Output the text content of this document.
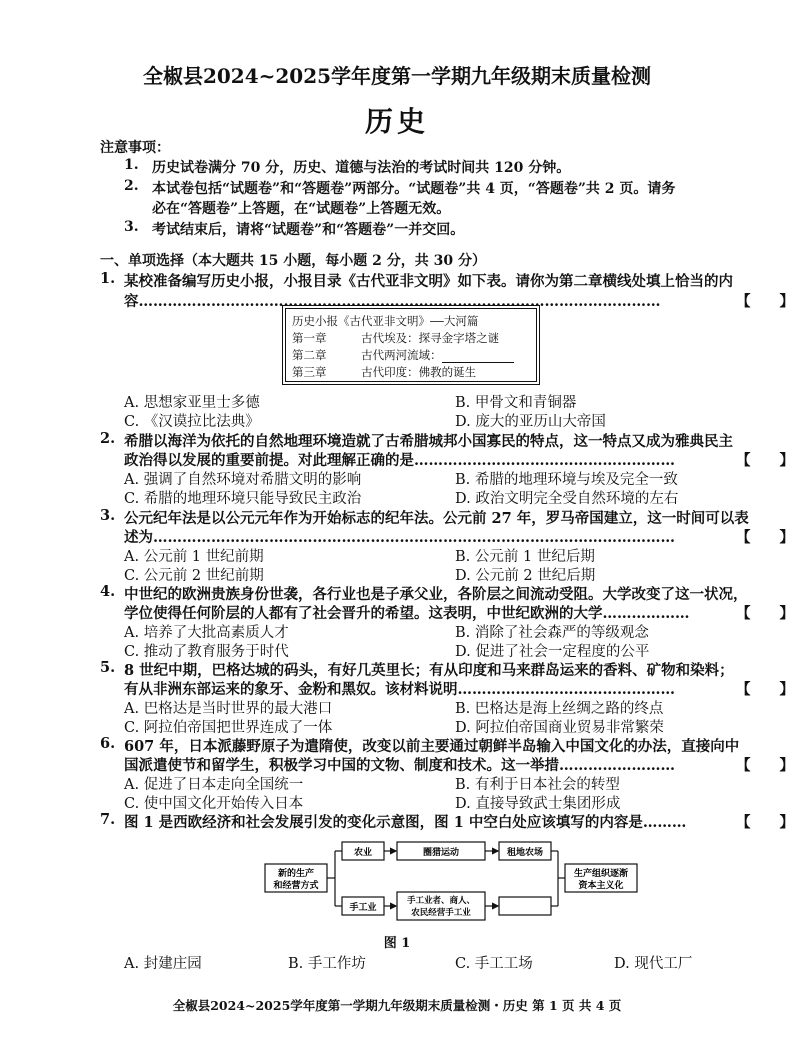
全椒县2024~2025学年度第一学期九年级期末质量检测
历史
注意事项：
1. 历史试卷满分 70 分，历史、道德与法治的考试时间共 120 分钟。
2. 本试卷包括“试题卷”和“答题卷”两部分。“试题卷”共 4 页，“答题卷”共 2 页。请务
必在“答题卷”上答题，在“试题卷”上答题无效。
3. 考试结束后，请将“试题卷”和“答题卷”一并交回。
一、单项选择（本大题共 15 小题，每小题 2 分，共 30 分）
1. 某校准备编写历史小报，小报目录《古代亚非文明》如下表。请你为第二章横线处填上恰当的内
容………………………………………………………………………………………………	【　　】
历史小报《古代亚非文明》——大河篇
第一章	古代埃及：探寻金字塔之谜
第二章	古代两河流域：
第三章	古代印度：佛教的诞生
A. 思想家亚里士多德	B. 甲骨文和青铜器
C. 《汉谟拉比法典》	D. 庞大的亚历山大帝国
2. 希腊以海洋为依托的自然地理环境造就了古希腊城邦小国寡民的特点，这一特点又成为雅典民主
政治得以发展的重要前提。对此理解正确的是………………………………………………	【　　】
A. 强调了自然环境对希腊文明的影响	B. 希腊的地理环境与埃及完全一致
C. 希腊的地理环境只能导致民主政治	D. 政治文明完全受自然环境的左右
3. 公元纪年法是以公元元年作为开始标志的纪年法。公元前 27 年，罗马帝国建立，这一时间可以表
述为………………………………………………………………………………………………	【　　】
A. 公元前 1 世纪前期	B. 公元前 1 世纪后期
C. 公元前 2 世纪前期	D. 公元前 2 世纪后期
4. 中世纪的欧洲贵族身份世袭，各行业也是子承父业，各阶层之间流动受阻。大学改变了这一状况，
学位使得任何阶层的人都有了社会晋升的希望。这表明，中世纪欧洲的大学………………	【　　】
A. 培养了大批高素质人才	B. 消除了社会森严的等级观念
C. 推动了教育服务于时代	D. 促进了社会一定程度的公平
5. 8 世纪中期，巴格达城的码头，有好几英里长；有从印度和马来群岛运来的香料、矿物和染料；
有从非洲东部运来的象牙、金粉和黑奴。该材料说明………………………………………	【　　】
A. 巴格达是当时世界的最大港口	B. 巴格达是海上丝绸之路的终点
C. 阿拉伯帝国把世界连成了一体	D. 阿拉伯帝国商业贸易非常繁荣
6. 607 年，日本派藤野原子为遣隋使，改变以前主要通过朝鲜半岛输入中国文化的办法，直接向中
国派遣使节和留学生，积极学习中国的文物、制度和技术。这一举措……………………	【　　】
A. 促进了日本走向全国统一	B. 有利于日本社会的转型
C. 使中国文化开始传入日本	D. 直接导致武士集团形成
7. 图 1 是西欧经济和社会发展引发的变化示意图，图 1 中空白处应该填写的内容是………	【　　】
新的生产
和经营方式
农业	圈猎运动	租地农场
手工业
手工业者、商人、
农民经营手工业
生产组织逐渐
资本主义化
图 1
A. 封建庄园	B. 手工作坊	C. 手工工场	D. 现代工厂
全椒县2024~2025学年度第一学期九年级期末质量检测・历史 第 1 页 共 4 页
